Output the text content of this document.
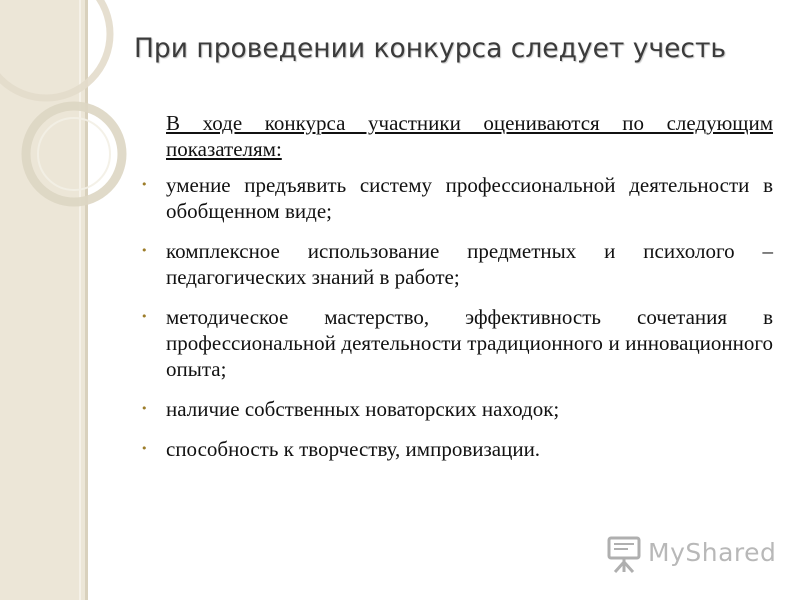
При проведении конкурса следует учесть

В ходе конкурса участники оцениваются по следующим показателям:

• умение предъявить систему профессиональной деятельности в обобщенном виде;
• комплексное использование предметных и психолого – педагогических знаний в работе;
• методическое мастерство, эффективность сочетания в профессиональной деятельности традиционного и инновационного опыта;
• наличие собственных новаторских находок;
• способность к творчеству, импровизации.
MyShared
